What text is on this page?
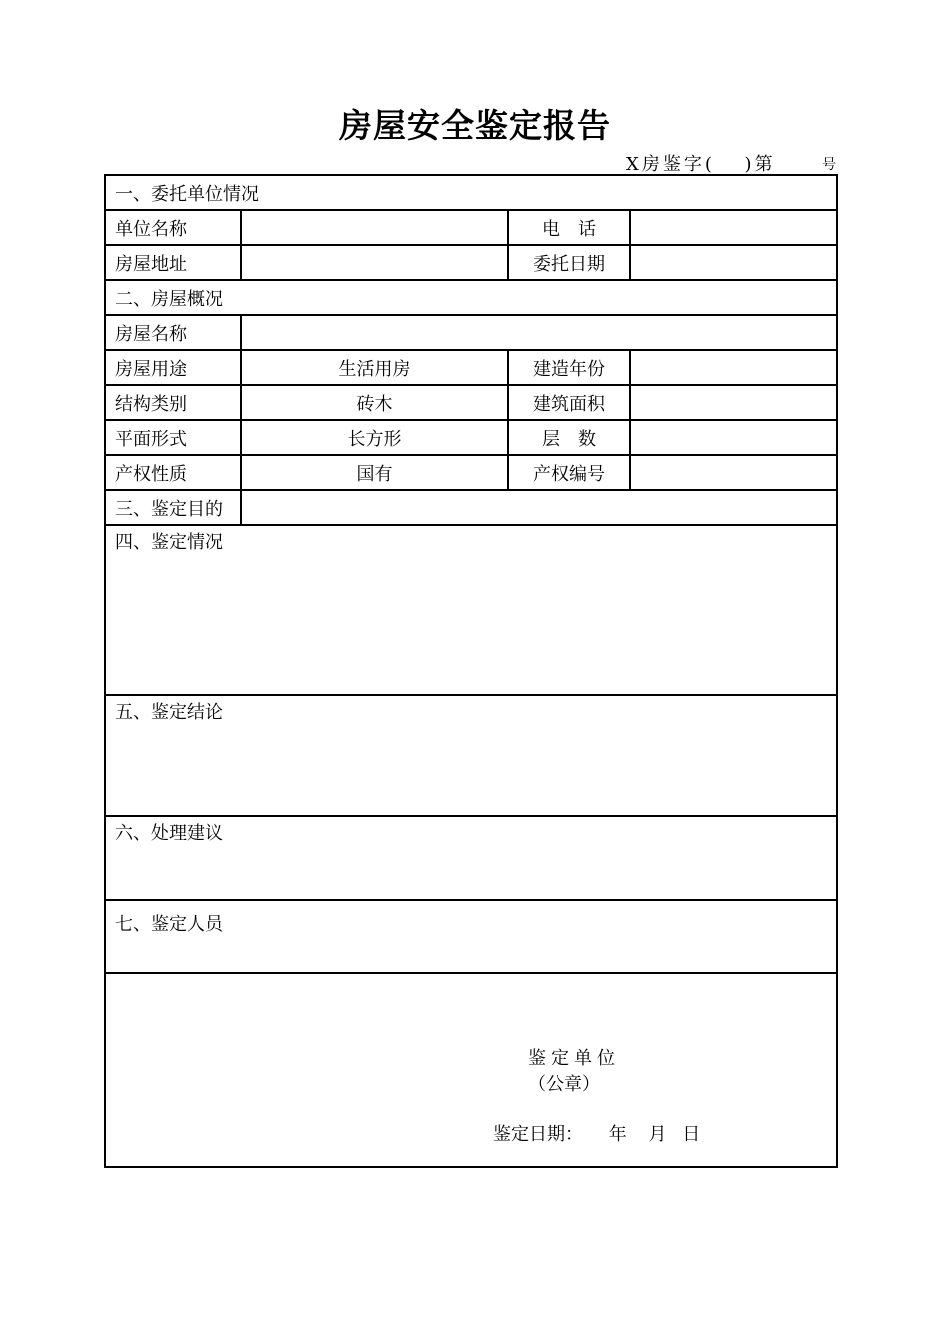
房屋安全鉴定报告
X房鉴字(　 )第	号
一、委托单位情况			
单位名称		电　话	
房屋地址		委托日期	
二、房屋概况			
房屋名称			
房屋用途	生活用房	建造年份	
结构类别	砖木	建筑面积	
平面形式	长方形	层　数	
产权性质	国有	产权编号	
三、鉴定目的			
四、鉴定情况			
五、鉴定结论			
六、处理建议			
七、鉴定人员			

鉴定单位
（公章）
鉴定日期： 年 月 日			
